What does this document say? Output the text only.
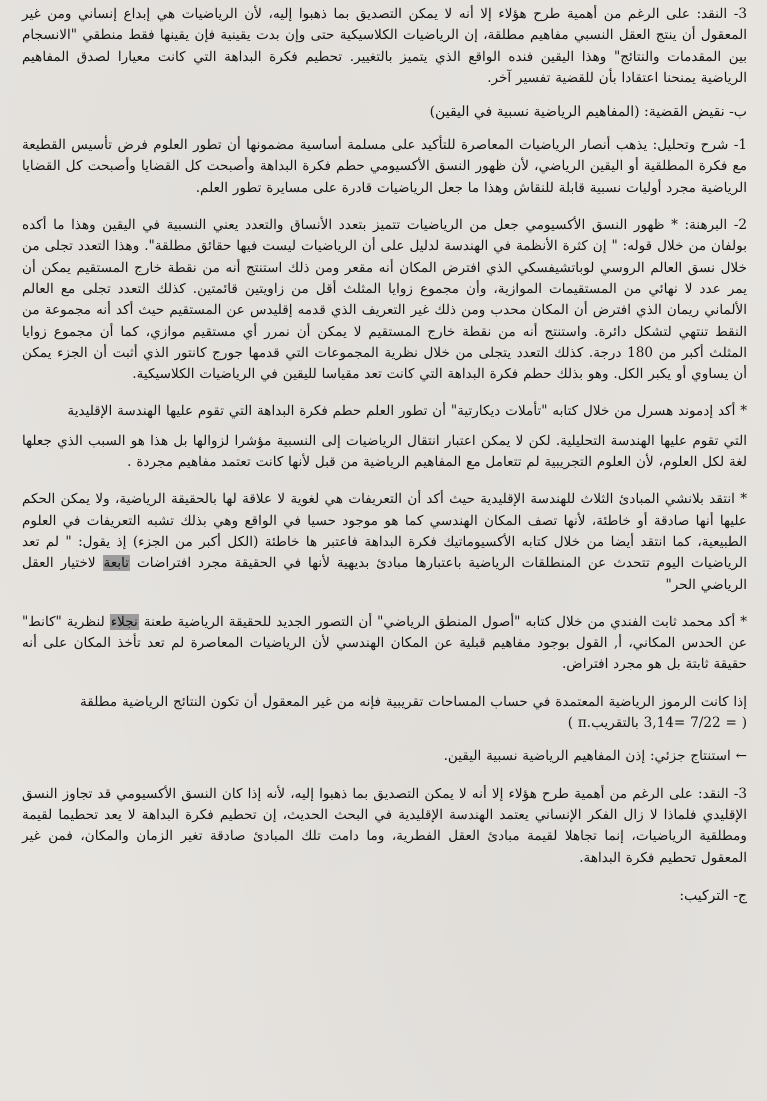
3- النقد: على الرغم من أهمية طرح هؤلاء إلا أنه لا يمكن التصديق بما ذهبوا إليه، لأن الرياضيات هي إبداع إنساني ومن غير المعقول أن ينتج العقل النسبي مفاهيم مطلقة، إن الرياضيات الكلاسيكية حتى وإن بدت يقينية فإن يقينها فقط منطقي "الانسجام بين المقدمات والنتائج" وهذا اليقين فنده الواقع الذي يتميز بالتغيير. تحطيم فكرة البداهة التي كانت معيارا لصدق المفاهيم الرياضية يمنحنا اعتقادا بأن للقضية تفسير آخر.

ب- نقيض القضية: (المفاهيم الرياضية نسبية في اليقين)

1- شرح وتحليل: يذهب أنصار الرياضيات المعاصرة للتأكيد على مسلمة أساسية مضمونها أن تطور العلوم فرض تأسيس القطيعة مع فكرة المطلقية أو اليقين الرياضي، لأن ظهور النسق الأكسيومي حطم فكرة البداهة وأصبحت كل القضايا وأصبحت كل القضايا الرياضية مجرد أوليات نسبية قابلة للنقاش وهذا ما جعل الرياضيات قادرة على مسايرة تطور العلم.

2- البرهنة: * ظهور النسق الأكسيومي جعل من الرياضيات تتميز بتعدد الأنساق والتعدد يعني النسبية في اليقين وهذا ما أكده بولفان من خلال قوله: " إن كثرة الأنظمة في الهندسة لدليل على أن الرياضيات ليست فيها حقائق مطلقة". وهذا التعدد تجلى من خلال نسق العالم الروسي لوباتشيفسكي الذي افترض المكان أنه مقعر ومن ذلك استنتج أنه من نقطة خارج المستقيم يمكن أن يمر عدد لا نهائي من المستقيمات الموازية، وأن مجموع زوايا المثلث أقل من زاويتين قائمتين. كذلك التعدد تجلى مع العالم الألماني ريمان الذي افترض أن المكان محدب ومن ذلك غير التعريف الذي قدمه إقليدس عن المستقيم حيث أكد أنه مجموعة من النقط تنتهي لتشكل دائرة. واستنتج أنه من نقطة خارج المستقيم لا يمكن أن نمرر أي مستقيم موازي، كما أن مجموع زوايا المثلث أكبر من 180 درجة. كذلك التعدد يتجلى من خلال نظرية المجموعات التي قدمها جورج كانتور الذي أثبت أن الجزء يمكن أن يساوي أو يكبر الكل. وهو بذلك حطم فكرة البداهة التي كانت تعد مقياسا لليقين في الرياضيات الكلاسيكية.

* أكد إدموند هسرل من خلال كتابه "تأملات ديكارتية" أن تطور العلم حطم فكرة البداهة التي تقوم عليها الهندسة الإقليدية

التي تقوم عليها الهندسة التحليلية. لكن لا يمكن اعتبار انتقال الرياضيات إلى النسبية مؤشرا لزوالها بل هذا هو السبب الذي جعلها لغة لكل العلوم، لأن العلوم التجريبية لم تتعامل مع المفاهيم الرياضية من قبل لأنها كانت تعتمد مفاهيم مجردة .

* انتقد بلانشي المبادئ الثلاث للهندسة الإقليدية حيث أكد أن التعريفات هي لغوية لا علاقة لها بالحقيقة الرياضية، ولا يمكن الحكم عليها أنها صادقة أو خاطئة، لأنها تصف المكان الهندسي كما هو موجود حسيا في الواقع وهي بذلك تشبه التعريفات في العلوم الطبيعية، كما انتقد أيضا من خلال كتابه الأكسيوماتيك فكرة البداهة فاعتبر ها خاطئة (الكل أكبر من الجزء) إذ يقول: " لم تعد الرياضيات اليوم تتحدث عن المنطلقات الرياضية باعتبارها مبادئ بديهية لأنها في الحقيقة مجرد افتراضات تابعة لاختيار العقل الرياضي الحر"

* أكد محمد ثابت الفندي من خلال كتابه "أصول المنطق الرياضي" أن التصور الجديد للحقيقة الرياضية طعنة نجلاء لنظرية "كانط" عن الحدس المكاني، أ, القول بوجود مفاهيم قبلية عن المكان الهندسي لأن الرياضيات المعاصرة لم تعد تأخذ المكان على أنه حقيقة ثابتة بل هو مجرد افتراض.

إذا كانت الرموز الرياضية المعتمدة في حساب المساحات تقريبية فإنه من غير المعقول أن تكون النتائج الرياضية مطلقة

( = 7/22 =3,14 بالتقريب.π )

← استنتاج جزئي: إذن المفاهيم الرياضية نسبية اليقين.

3- النقد: على الرغم من أهمية طرح هؤلاء إلا أنه لا يمكن التصديق بما ذهبوا إليه، لأنه إذا كان النسق الأكسيومي قد تجاوز النسق الإقليدي فلماذا لا زال الفكر الإنساني يعتمد الهندسة الإقليدية في البحث الحديث، إن تحطيم فكرة البداهة لا يعد تحطيما لقيمة ومطلقية الرياضيات، إنما تجاهلا لقيمة مبادئ العقل الفطرية، وما دامت تلك المبادئ صادقة تغير الزمان والمكان، فمن غير المعقول تحطيم فكرة البداهة.

ج- التركيب:
